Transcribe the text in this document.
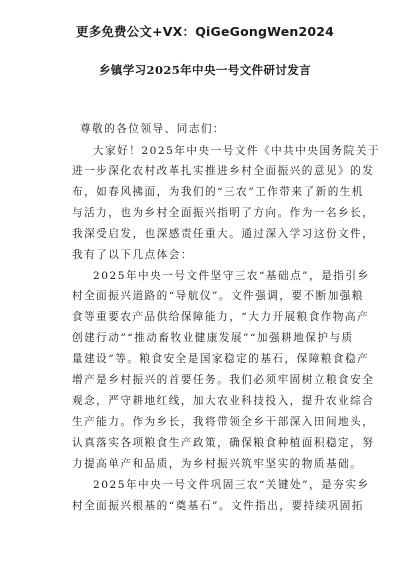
更多免费公文+VX：QiGeGongWen2024
乡镇学习2025年中央一号文件研讨发言
尊敬的各位领导、同志们：
大家好！2025年中央一号文件《中共中央国务院关于
进一步深化农村改革扎实推进乡村全面振兴的意见》的发
布，如春风拂面，为我们的“三农”工作带来了新的生机
与活力，也为乡村全面振兴指明了方向。作为一名乡长，
我深受启发，也深感责任重大。通过深入学习这份文件，
我有了以下几点体会：
2025年中央一号文件坚守三农“基础点”，是指引乡
村全面振兴道路的“导航仪”。文件强调，要不断加强粮
食等重要农产品供给保障能力，“大力开展粮食作物高产
创建行动”“推动畜牧业健康发展”“加强耕地保护与质
量建设”等。粮食安全是国家稳定的基石，保障粮食稳产
增产是乡村振兴的首要任务。我们必须牢固树立粮食安全
观念，严守耕地红线，加大农业科技投入，提升农业综合
生产能力。作为乡长，我将带领全乡干部深入田间地头，
认真落实各项粮食生产政策，确保粮食种植面积稳定，努
力提高单产和品质，为乡村振兴筑牢坚实的物质基础。
2025年中央一号文件巩固三农“关键处”，是夯实乡
村全面振兴根基的“奠基石”。文件指出，要持续巩固拓
